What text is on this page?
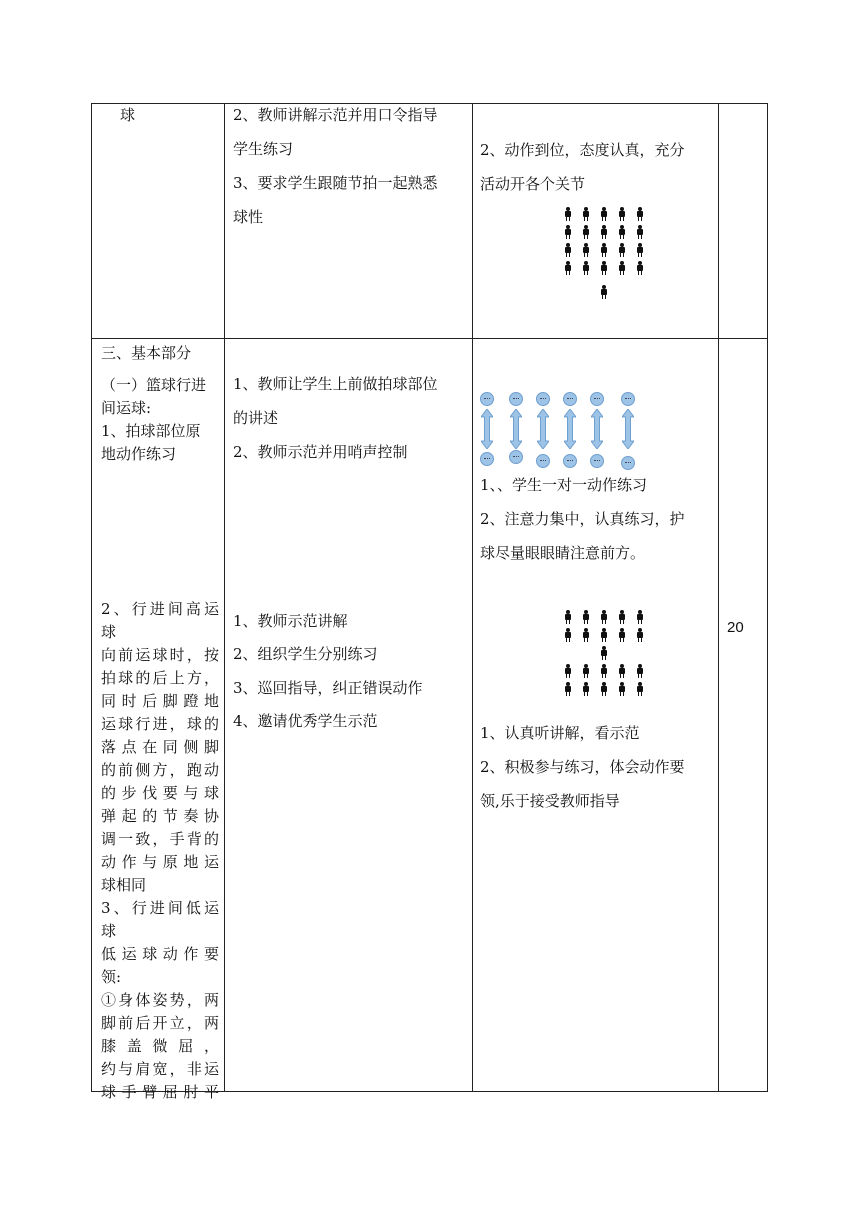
球	2、教师讲解示范并用口令指导
学生练习
3、要求学生跟随节拍一起熟悉
球性
2、动作到位，态度认真，充分
活动开各个关节
三、基本部分
（一）篮球行进
间运球:
1、拍球部位原
地动作练习
2、行进间高运
球
向前运球时，按
拍球的后上方，
同时后脚蹬地
运球行进，球的
落点在同侧脚
的前侧方，跑动
的步伐要与球
弹起的节奏协
调一致，手背的
动作与原地运
球相同
3、行进间低运
球
低运球动作要
领:
①身体姿势，两
脚前后开立，两
膝盖微屈，
约与肩宽，非运
球手臂屈肘平
1、教师让学生上前做拍球部位
的讲述
2、教师示范并用哨声控制
1、教师示范讲解
2、组织学生分别练习
3、巡回指导，纠正错误动作
4、邀请优秀学生示范
1、、学生一对一动作练习
2、注意力集中，认真练习，护
球尽量眼眼睛注意前方。
1、认真听讲解，看示范
2、积极参与练习，体会动作要
领,乐于接受教师指导
20
